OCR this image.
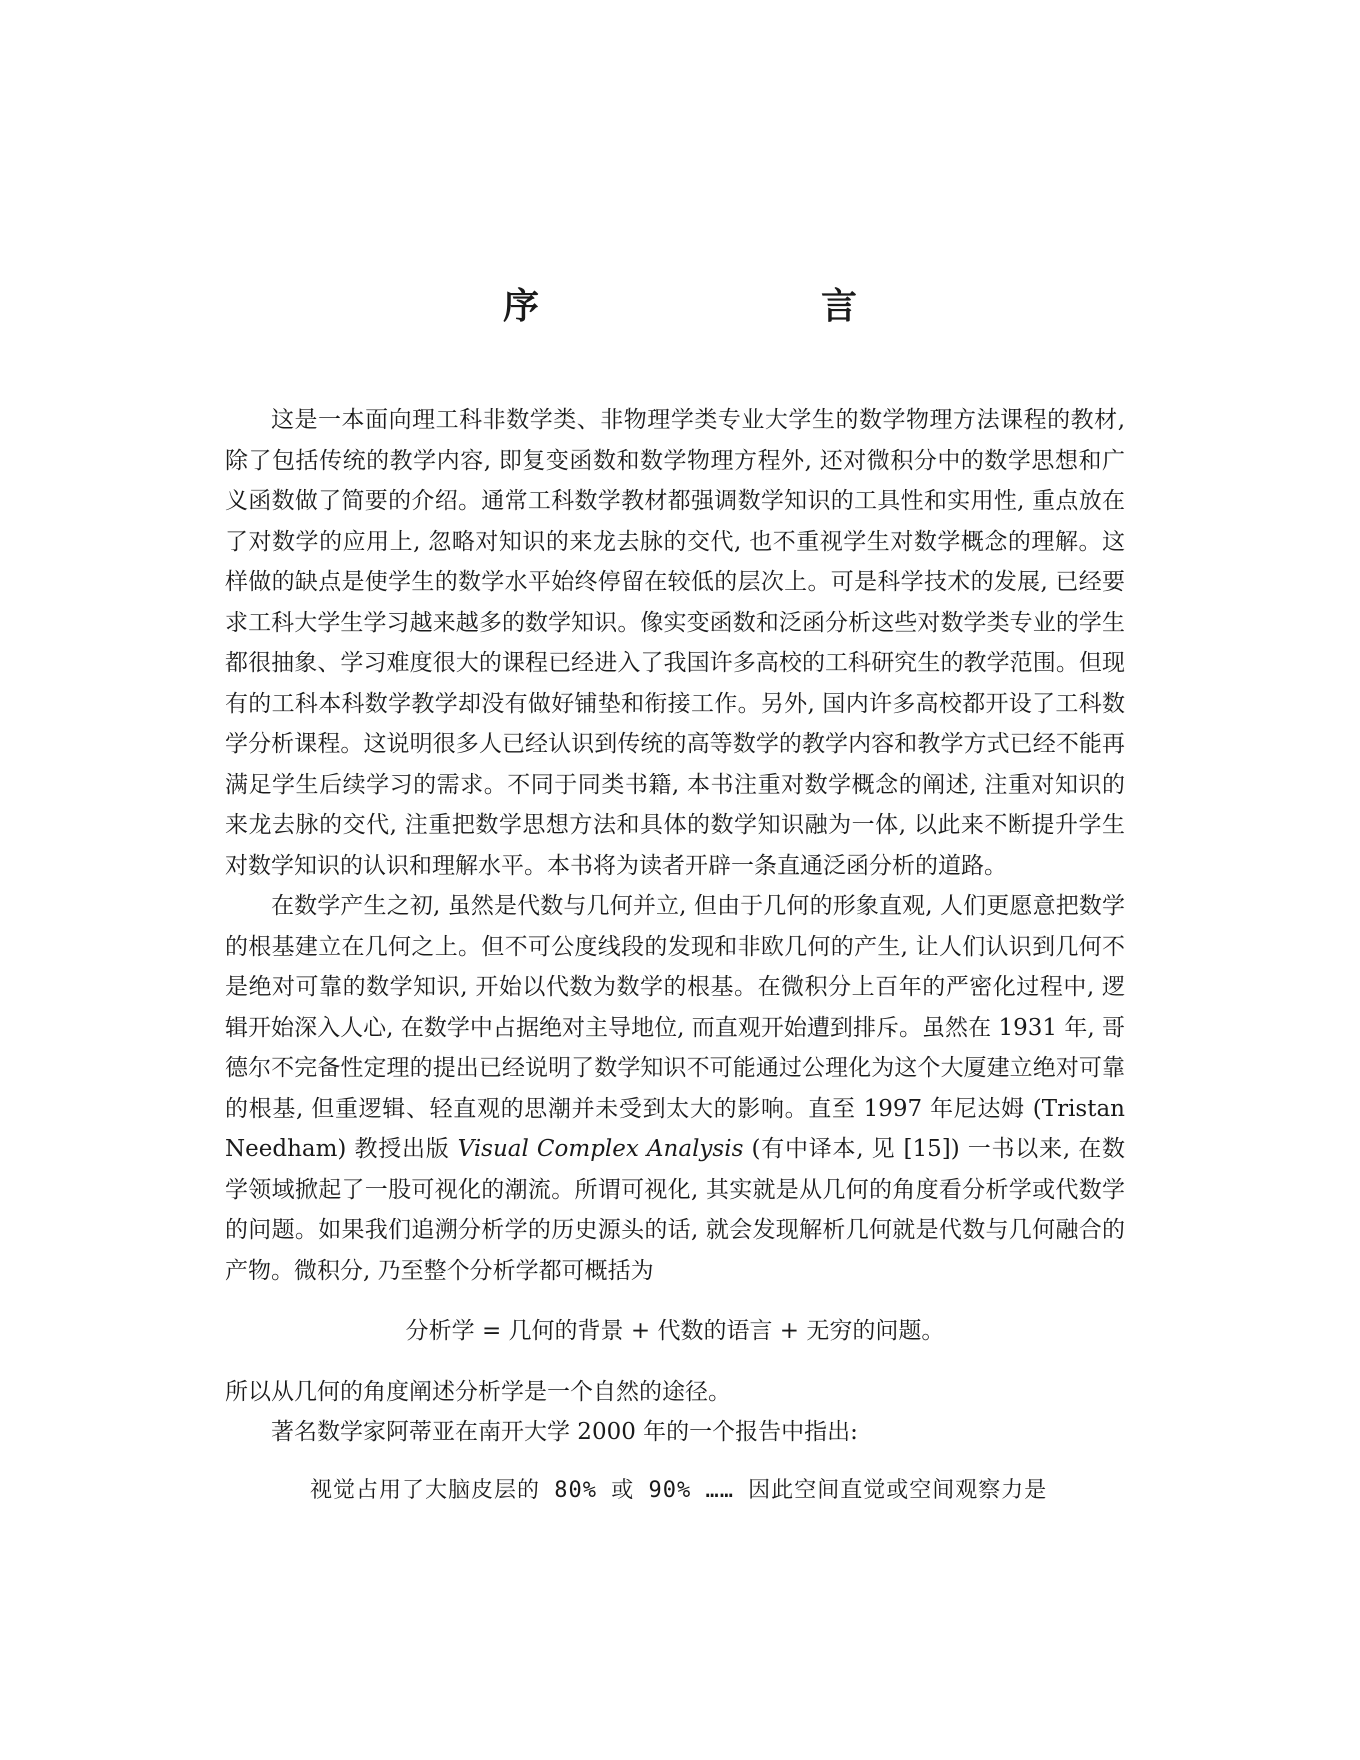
序　　言

这是一本面向理工科非数学类、非物理学类专业大学生的数学物理方法课程的教材, 除了包括传统的教学内容, 即复变函数和数学物理方程外, 还对微积分中的数学思想和广义函数做了简要的介绍。通常工科数学教材都强调数学知识的工具性和实用性, 重点放在了对数学的应用上, 忽略对知识的来龙去脉的交代, 也不重视学生对数学概念的理解。这样做的缺点是使学生的数学水平始终停留在较低的层次上。可是科学技术的发展, 已经要求工科大学生学习越来越多的数学知识。像实变函数和泛函分析这些对数学类专业的学生都很抽象、学习难度很大的课程已经进入了我国许多高校的工科研究生的教学范围。但现有的工科本科数学教学却没有做好铺垫和衔接工作。另外, 国内许多高校都开设了工科数学分析课程。这说明很多人已经认识到传统的高等数学的教学内容和教学方式已经不能再满足学生后续学习的需求。不同于同类书籍, 本书注重对数学概念的阐述, 注重对知识的来龙去脉的交代, 注重把数学思想方法和具体的数学知识融为一体, 以此来不断提升学生对数学知识的认识和理解水平。本书将为读者开辟一条直通泛函分析的道路。

在数学产生之初, 虽然是代数与几何并立, 但由于几何的形象直观, 人们更愿意把数学的根基建立在几何之上。但不可公度线段的发现和非欧几何的产生, 让人们认识到几何不是绝对可靠的数学知识, 开始以代数为数学的根基。在微积分上百年的严密化过程中, 逻辑开始深入人心, 在数学中占据绝对主导地位, 而直观开始遭到排斥。虽然在 1931 年, 哥德尔不完备性定理的提出已经说明了数学知识不可能通过公理化为这个大厦建立绝对可靠的根基, 但重逻辑、轻直观的思潮并未受到太大的影响。直至 1997 年尼达姆 (Tristan Needham) 教授出版 Visual Complex Analysis (有中译本, 见 [15]) 一书以来, 在数学领域掀起了一股可视化的潮流。所谓可视化, 其实就是从几何的角度看分析学或代数学的问题。如果我们追溯分析学的历史源头的话, 就会发现解析几何就是代数与几何融合的产物。微积分, 乃至整个分析学都可概括为

分析学 = 几何的背景 + 代数的语言 + 无穷的问题。

所以从几何的角度阐述分析学是一个自然的途径。

著名数学家阿蒂亚在南开大学 2000 年的一个报告中指出:

视觉占用了大脑皮层的 80% 或 90% …… 因此空间直觉或空间观察力是
